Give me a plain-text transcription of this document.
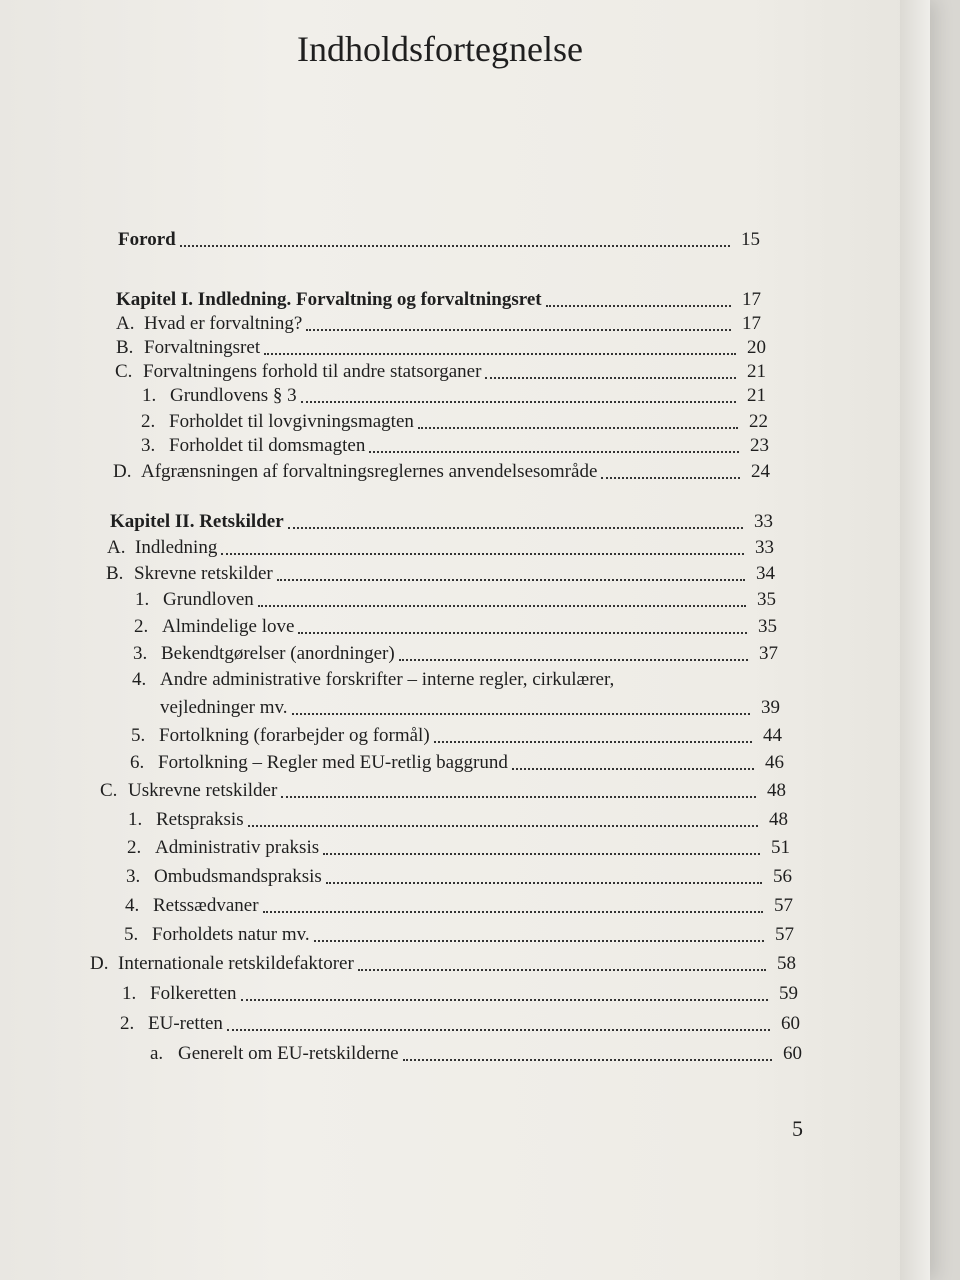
Indholdsfortegnelse
Forord	15
Kapitel I. Indledning. Forvaltning og forvaltningsret	17
A. Hvad er forvaltning?	17
B. Forvaltningsret	20
C. Forvaltningens forhold til andre statsorganer	21
1. Grundlovens § 3	21
2. Forholdet til lovgivningsmagten	22
3. Forholdet til domsmagten	23
D. Afgrænsningen af forvaltningsreglernes anvendelsesområde	24
Kapitel II. Retskilder	33
A. Indledning	33
B. Skrevne retskilder	34
1. Grundloven	35
2. Almindelige love	35
3. Bekendtgørelser (anordninger)	37
4. Andre administrative forskrifter – interne regler, cirkulærer,
vejledninger mv.	39
5. Fortolkning (forarbejder og formål)	44
6. Fortolkning – Regler med EU-retlig baggrund	46
C. Uskrevne retskilder	48
1. Retspraksis	48
2. Administrativ praksis	51
3. Ombudsmandspraksis	56
4. Retssædvaner	57
5. Forholdets natur mv.	57
D. Internationale retskildefaktorer	58
1. Folkeretten	59
2. EU-retten	60
a. Generelt om EU-retskilderne	60
5
